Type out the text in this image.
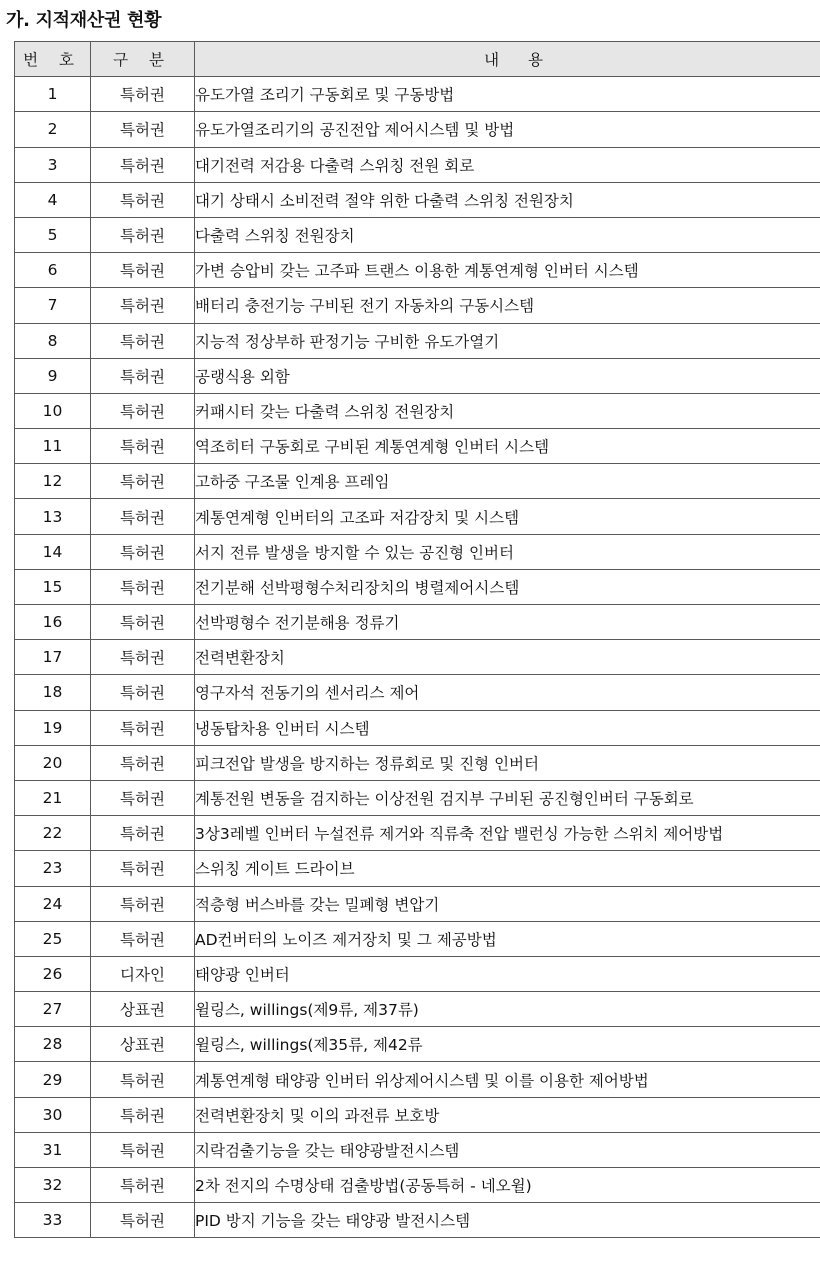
가. 지적재산권 현황
번 호	구 분	내 용
1	특허권	유도가열 조리기 구동회로 및 구동방법
2	특허권	유도가열조리기의 공진전압 제어시스템 및 방법
3	특허권	대기전력 저감용 다출력 스위칭 전원 회로
4	특허권	대기 상태시 소비전력 절약 위한 다출력 스위칭 전원장치
5	특허권	다출력 스위칭 전원장치
6	특허권	가변 승압비 갖는 고주파 트랜스 이용한 계통연계형 인버터 시스템
7	특허권	배터리 충전기능 구비된 전기 자동차의 구동시스템
8	특허권	지능적 정상부하 판정기능 구비한 유도가열기
9	특허권	공랭식용 외함
10	특허권	커패시터 갖는 다출력 스위칭 전원장치
11	특허권	역조히터 구동회로 구비된 계통연계형 인버터 시스템
12	특허권	고하중 구조물 인계용 프레임
13	특허권	계통연계형 인버터의 고조파 저감장치 및 시스템
14	특허권	서지 전류 발생을 방지할 수 있는 공진형 인버터
15	특허권	전기분해 선박평형수처리장치의 병렬제어시스템
16	특허권	선박평형수 전기분해용 정류기
17	특허권	전력변환장치
18	특허권	영구자석 전동기의 센서리스 제어
19	특허권	냉동탑차용 인버터 시스템
20	특허권	피크전압 발생을 방지하는 정류회로 및 진형 인버터
21	특허권	계통전원 변동을 검지하는 이상전원 검지부 구비된 공진형인버터 구동회로
22	특허권	3상3레벨 인버터 누설전류 제거와 직류축 전압 밸런싱 가능한 스위치 제어방법
23	특허권	스위칭 게이트 드라이브
24	특허권	적층형 버스바를 갖는 밀폐형 변압기
25	특허권	AD컨버터의 노이즈 제거장치 및 그 제공방법
26	디자인	태양광 인버터
27	상표권	윌링스, willings(제9류, 제37류)
28	상표권	윌링스, willings(제35류, 제42류
29	특허권	계통연계형 태양광 인버터 위상제어시스템 및 이를 이용한 제어방법
30	특허권	전력변환장치 및 이의 과전류 보호방
31	특허권	지락검출기능을 갖는 태양광발전시스템
32	특허권	2차 전지의 수명상태 검출방법(공동특허 - 네오윌)
33	특허권	PID 방지 기능을 갖는 태양광 발전시스템
